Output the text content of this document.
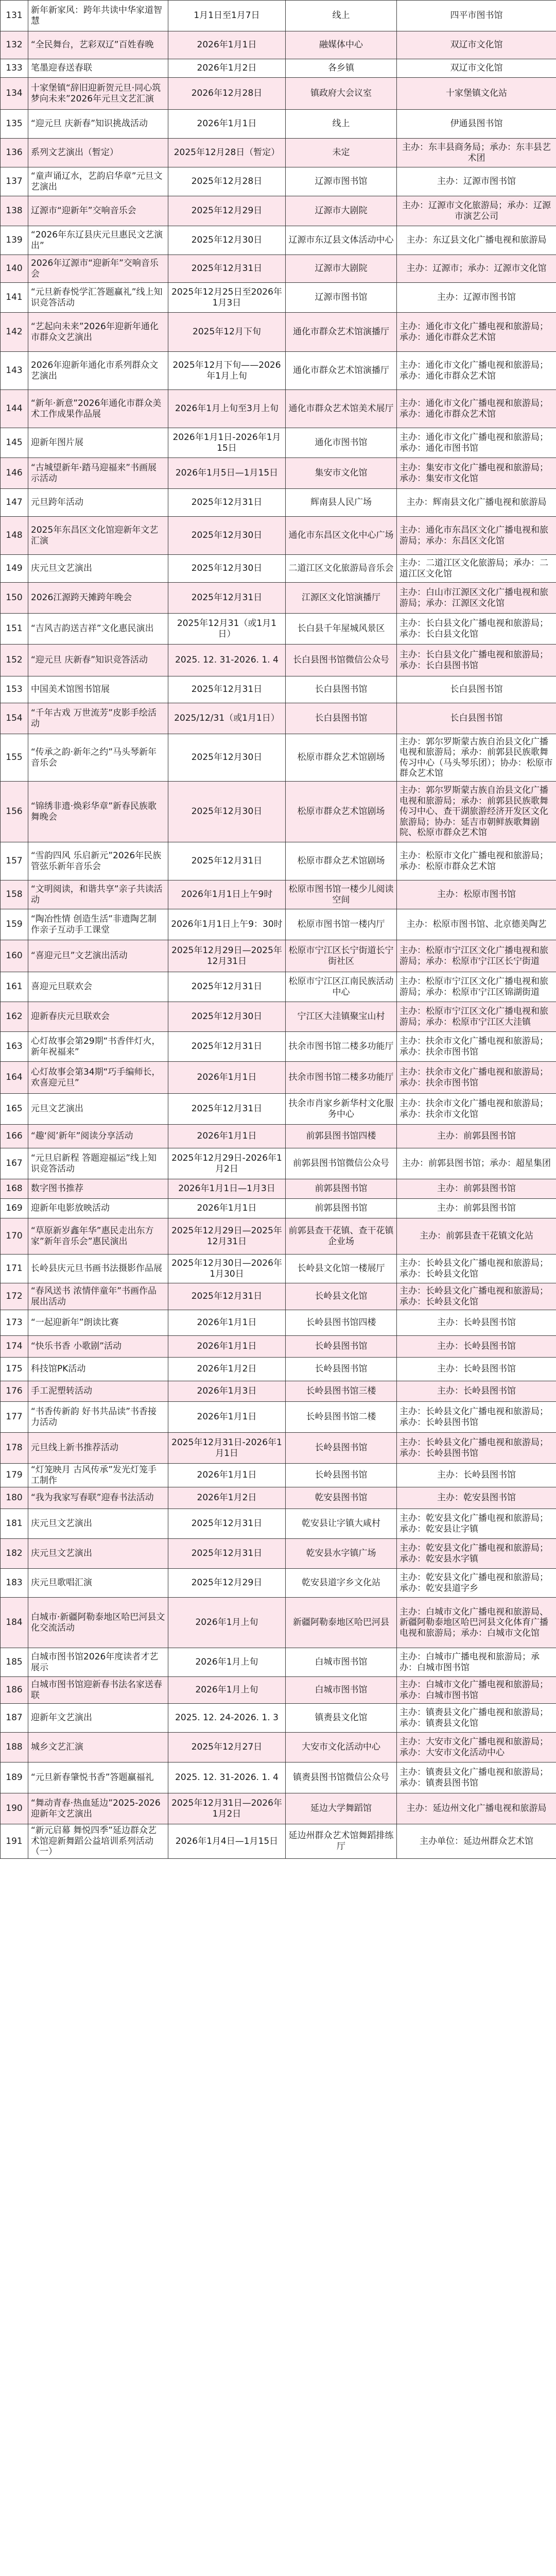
131	新年新家风：跨年共读中华家道智慧	1月1日至1月7日	线上	四平市图书馆
132	“全民舞台，艺彩双辽”百姓春晚	2026年1月1日	融媒体中心	双辽市文化馆
133	笔墨迎春送春联	2026年1月2日	各乡镇	双辽市文化馆
134	十家堡镇“辞旧迎新贺元旦·同心筑梦向未来”2026年元旦文艺汇演	2026年12月28日	镇政府大会议室	十家堡镇文化站
135	“迎元旦 庆新春”知识挑战活动	2026年1月1日	线上	伊通县图书馆
136	系列文艺演出（暂定）	2025年12月28日（暂定）	未定	主办：东丰县商务局；承办：东丰县艺术团
137	“童声诵辽水，艺韵启华章”元旦文艺演出	2025年12月28日	辽源市图书馆	主办：辽源市图书馆
138	辽源市“迎新年”交响音乐会	2025年12月29日	辽源市大剧院	主办：辽源市文化旅游局；承办：辽源市演艺公司
139	“2026年东辽县庆元旦惠民文艺演出”	2025年12月30日	辽源市东辽县文体活动中心	主办：东辽县文化广播电视和旅游局
140	2026年辽源市“迎新年”交响音乐会	2025年12月31日	辽源市大剧院	主办：辽源市；承办：辽源市文化馆
141	“元旦新春悦学汇答题赢礼”线上知识竞答活动	2025年12月25日至2026年1月3日	辽源市图书馆	主办：辽源市图书馆
142	“艺起向未来”2026年迎新年通化市群众文艺演出	2025年12月下旬	通化市群众艺术馆演播厅	主办：通化市文化广播电视和旅游局；承办：通化市群众艺术馆
143	2026年迎新年通化市系列群众文艺演出	2025年12月下旬——2026年1月上旬	通化市群众艺术馆演播厅	主办：通化市文化广播电视和旅游局；承办：通化市群众艺术馆
144	“新年·新意”2026年通化市群众美术工作成果作品展	2026年1月上旬至3月上旬	通化市群众艺术馆美术展厅	主办：通化市文化广播电视和旅游局；承办：通化市群众艺术馆
145	迎新年图片展	2026年1月1日-2026年1月15日	通化市图书馆	主办：通化市文化广播电视和旅游局；承办：通化市图书馆
146	“古城望新年·踏马迎福来”书画展示活动	2026年1月5日—1月15日	集安市文化馆	主办：集安市文化广播电视和旅游局；承办：集安市文化馆
147	元旦跨年活动	2025年12月31日	辉南县人民广场	主办：辉南县文化广播电视和旅游局
148	2025年东昌区文化馆迎新年文艺汇演	2025年12月30日	通化市东昌区文化中心广场	主办：通化市东昌区文化广播电视和旅游局；承办：东昌区文化馆
149	庆元旦文艺演出	2025年12月30日	二道江区文化旅游局音乐会	主办：二道江区文化旅游局；承办：二道江区文化馆
150	2026江源跨天摊跨年晚会	2025年12月31日	江源区文化馆演播厅	主办：白山市江源区文化广播电视和旅游局；承办：江源区文化馆
151	“吉风吉韵送吉祥”文化惠民演出	2025年12月31（或1月1日）	长白县千年屋城风景区	主办：长白县文化广播电视和旅游局；承办：长白县文化馆
152	“迎元旦 庆新春”知识竞答活动	2025. 12. 31-2026. 1. 4	长白县图书馆微信公众号	主办：长白县文化广播电视和旅游局；承办：长白县图书馆
153	中国美术馆图书馆展	2025年12月31日	长白县图书馆	长白县图书馆
154	“千年古戏 万世流芳”皮影手绘活动	2025/12/31（或1月1日）	长白县图书馆	长白县图书馆
155	“传承之韵·新年之约”马头琴新年音乐会	2025年12月30日	松原市群众艺术馆剧场	主办：郭尔罗斯蒙古族自治县文化广播电视和旅游局；承办：前郭县民族歌舞传习中心（马头琴乐团）；协办：松原市群众艺术馆
156	“锦绣非遗·焕彩华章”新春民族歌舞晚会	2025年12月30日	松原市群众艺术馆剧场	主办：郭尔罗斯蒙古族自治县文化广播电视和旅游局；承办：前郭县民族歌舞传习中心、查干湖旅游经济开发区文化旅游局；协办：延吉市朝鲜族歌舞剧院、松原市群众艺术馆
157	“雪韵四风 乐启新元”2026年民族管弦乐新年音乐会	2025年12月31日	松原市群众艺术馆剧场	主办：松原市文化广播电视和旅游局；承办：松原市群众艺术馆
158	“文明阅读，和谐共享”亲子共读活动	2026年1月1日上午9时	松原市图书馆一楼少儿阅读空间	主办：松原市图书馆
159	“陶冶性情 创造生活”非遗陶艺制作亲子互动手工课堂	2026年1月1日上午9：30时	松原市图书馆一楼内厅	主办：松原市图书馆、北京德美陶艺
160	“喜迎元旦”文艺演出活动	2025年12月29日—2025年12月31日	松原市宁江区长宁街道长宁街社区	主办：松原市宁江区文化广播电视和旅游局；承办：松原市宁江区长宁街道
161	喜迎元旦联欢会	2025年12月31日	松原市宁江区江南民族活动中心	主办：松原市宁江区文化广播电视和旅游局；承办：松原市宁江区锦湖街道
162	迎新春庆元旦联欢会	2025年12月30日	宁江区大洼镇聚宝山村	主办：松原市宁江区文化广播电视和旅游局；承办：松原市宁江区大洼镇
163	心灯故事会第29期“书香伴灯火，新年祝福来”	2025年12月31日	扶余市图书馆二楼多功能厅	主办：扶余市文化广播电视和旅游局；承办：扶余市图书馆
164	心灯故事会第34期“巧手编师长，欢喜迎元旦”	2026年1月1日	扶余市图书馆二楼多功能厅	主办：扶余市文化广播电视和旅游局；承办：扶余市图书馆
165	元旦文艺演出	2025年12月31日	扶余市肖家乡新华村文化服务中心	主办：扶余市文化广播电视和旅游局；承办：扶余市文化馆
166	“趣‘阅’新年”阅读分享活动	2026年1月1日	前郭县图书馆四楼	主办：前郭县图书馆
167	“元旦启新程 答题迎福运”线上知识竞答活动	2025年12月29日-2026年1月2日	前郭县图书馆微信公众号	主办：前郭县图书馆；承办：超星集团
168	数字图书推荐	2026年1月1日—1月3日	前郭县图书馆	主办：前郭县图书馆
169	迎新年电影放映活动	2026年1月1日	前郭县图书馆	主办：前郭县图书馆
170	“草原新岁鑫年华”惠民走出东方家”新年音乐会”惠民演出	2025年12月29日—2025年12月31日	前郭县查干花镇、查干花镇企业场	主办：前郭县查干花镇文化站
171	长岭县庆元旦书画书法摄影作品展	2025年12月30日—2026年1月30日	长岭县文化馆一楼展厅	主办：长岭县文化广播电视和旅游局；承办：长岭县文化馆
172	“春风送书 浓情伴童年”书画作品展出活动	2025年12月31日	长岭县文化馆	主办：长岭县文化广播电视和旅游局；承办：长岭县文化馆
173	“一起迎新年”朗读比赛	2026年1月1日	长岭县图书馆四楼	主办：长岭县图书馆
174	“快乐书香 小歌剧”活动	2026年1月1日	长岭县图书馆	主办：长岭县图书馆
175	科技馆PK活动	2026年1月2日	长岭县图书馆	主办：长岭县图书馆
176	手工泥塑转活动	2026年1月3日	长岭县图书馆三楼	主办：长岭县图书馆
177	“书香传新韵 好书共品读”书香接力活动	2026年1月1日	长岭县图书馆二楼	主办：长岭县文化广播电视和旅游局；承办：长岭县图书馆
178	元旦线上新书推荐活动	2025年12月31日-2026年1月1日	长岭县图书馆	主办：长岭县文化广播电视和旅游局；承办：长岭县图书馆
179	“灯笼映月 古风传承”发光灯笼手工制作	2026年1月1日	长岭县图书馆	主办：长岭县图书馆
180	“我为我家写春联”迎春书法活动	2026年1月2日	乾安县图书馆	主办：乾安县图书馆
181	庆元旦文艺演出	2025年12月31日	乾安县让字镇大咸村	主办：乾安县文化广播电视和旅游局；承办：乾安县让字镇
182	庆元旦文艺演出	2025年12月31日	乾安县水字镇广场	主办：乾安县文化广播电视和旅游局；承办：乾安县水字镇
183	庆元旦歌唱汇演	2025年12月29日	乾安县道字乡文化站	主办：乾安县文化广播电视和旅游局；承办：乾安县道字乡
184	白城市·新疆阿勒泰地区哈巴河县文化交流活动	2026年1月上旬	新疆阿勒泰地区哈巴河县	主办：白城市文化广播电视和旅游局、新疆阿勒泰地区哈巴河县文化体育广播电视和旅游局；承办：白城市文化馆
185	白城市图书馆2026年度读者才艺展示	2026年1月上旬	白城市图书馆	主办：白城市广播电视和旅游局；承办：白城市图书馆
186	白城市图书馆迎新春书法名家送春联	2026年1月上旬	白城市图书馆	主办：白城市文化广播电视和旅游局；承办：白城市图书馆
187	迎新年文艺演出	2025. 12. 24-2026. 1. 3	镇赉县文化馆	主办：镇赉县文化广播电视和旅游局；承办：镇赉县文化馆
188	城乡文艺汇演	2025年12月27日	大安市文化活动中心	主办：大安市文化广播电视和旅游局；承办：大安市文化活动中心
189	“元旦新春肇悦书香”答题赢福礼	2025. 12. 31-2026. 1. 4	镇赉县图书馆微信公众号	主办：镇赉县文化广播电视和旅游局；承办：镇赉县图书馆
190	“舞动青春·热血延边”2025-2026迎新年文艺演出	2025年12月31日—2026年1月2日	延边大学舞蹈馆	主办：延边州文化广播电视和旅游局
191	“新元启幕 舞悦四季”延边群众艺术馆迎新舞蹈公益培训系列活动（一）	2026年1月4日—1月15日	延边州群众艺术馆舞蹈排练厅	主办单位：延边州群众艺术馆
